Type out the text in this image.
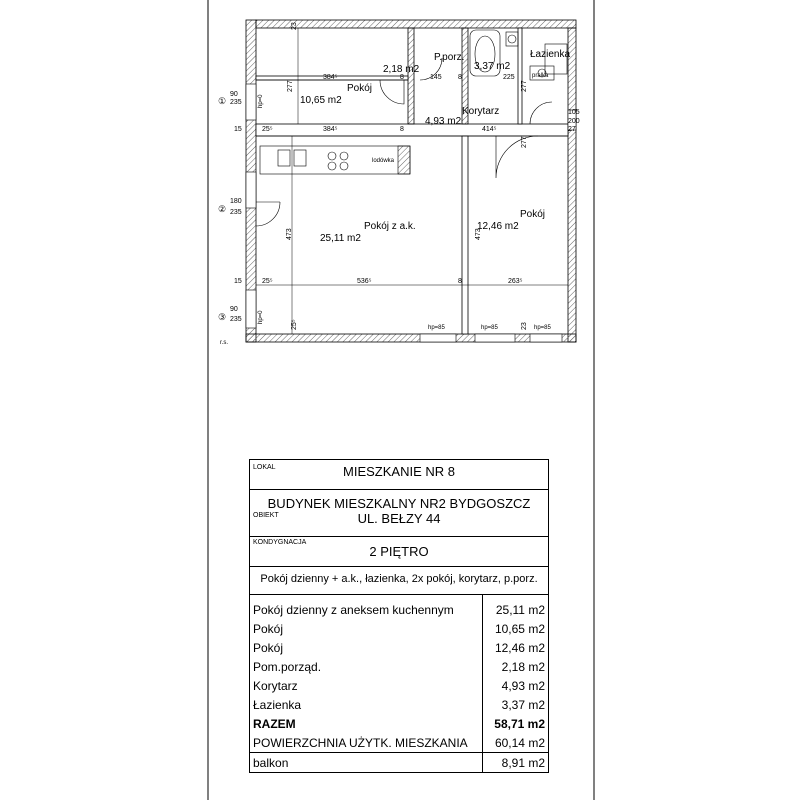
Pokój
10,65 m2
P.porz.
2,18 m2
Łazienka
3,37 m2
Korytarz
4,93 m2
Pokój z a.k.
25,11 m2
Pokój
12,46 m2
pralka
lodówka
r.s.
hp=0
hp=0
hp=85	hp=85	hp=85
384⁵	8	145 8	225
384⁵	8	414⁵
25⁵
15
536⁵	8	263⁵
25⁵
15
277	277
277
473	473
23
25⁵	23
90
235
180
235
90
235
105
200
27
①
②
③
LOKAL	MIESZKANIE NR 8
BUDYNEK MIESZKALNY NR2 BYDGOSZCZ
OBIEKT	UL. BEŁZY 44
KONDYGNACJA
2 PIĘTRO
Pokój dzienny + a.k., łazienka, 2x pokój, korytarz, p.porz.
Pokój dzienny z aneksem kuchennym	25,11 m2
Pokój	10,65 m2
Pokój	12,46 m2
Pom.porząd.	2,18 m2
Korytarz	4,93 m2
Łazienka	3,37 m2
RAZEM	58,71 m2
POWIERZCHNIA UŻYTK. MIESZKANIA	60,14 m2
balkon	8,91 m2
